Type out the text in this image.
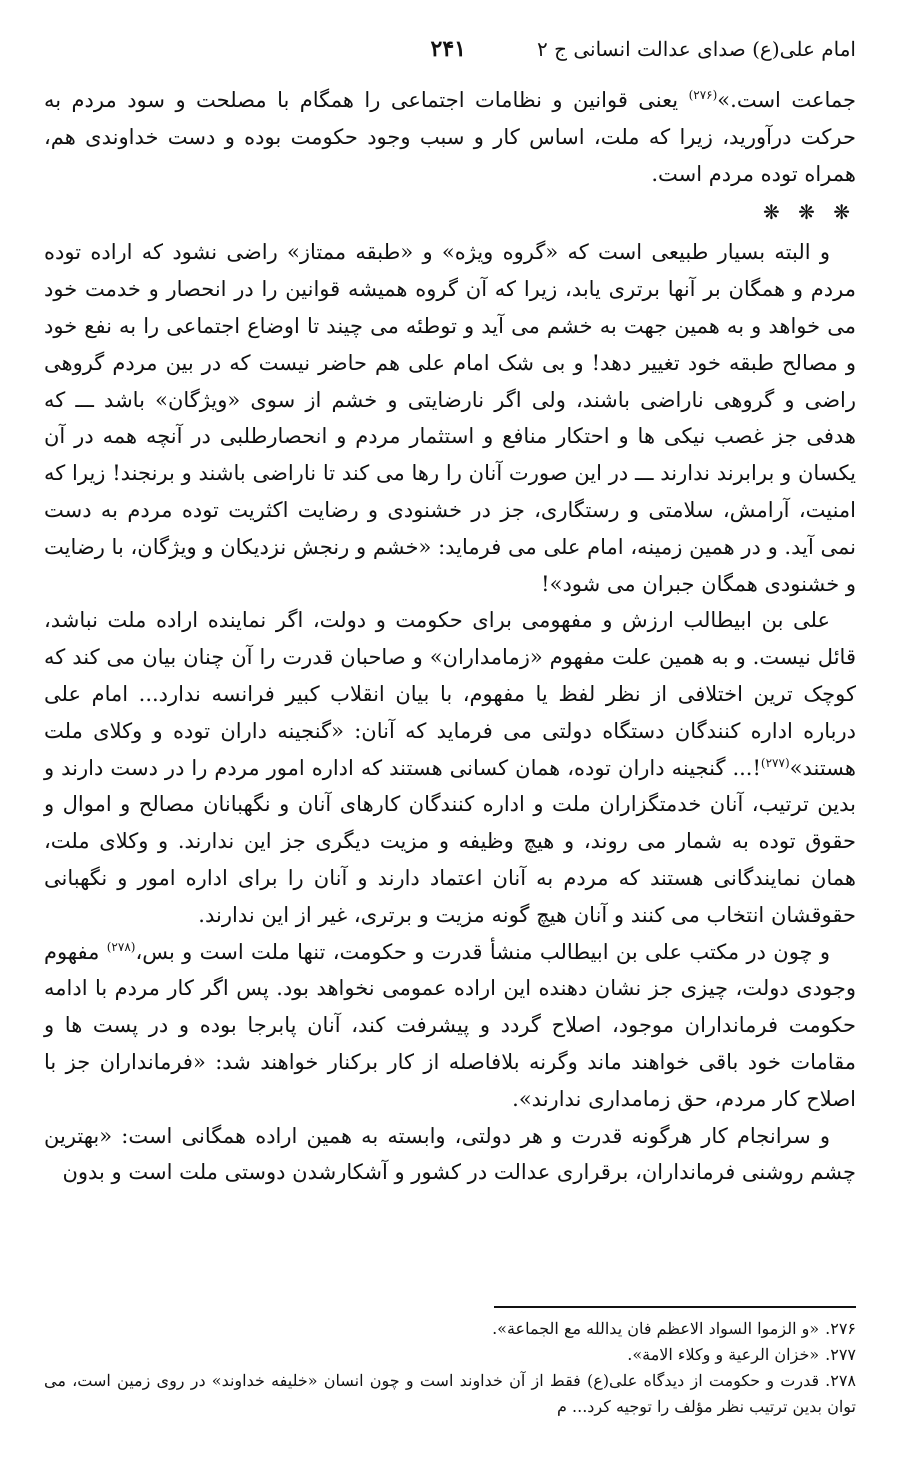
امام علی(ع) صدای عدالت انسانی ج ۲
۲۴۱

جماعت است.»$^{(۲۷۶)}$ یعنی قوانین و نظامات اجتماعی را همگام با مصلحت و سود مردم به حرکت درآورید، زیرا که ملت، اساس کار و سبب وجود حکومت بوده و دست خداوندی هم، همراه توده مردم است.

❋ ❋ ❋

و البته بسیار طبیعی است که «گروه ویژه» و «طبقه ممتاز» راضی نشود که اراده توده مردم و همگان بر آنها برتری یابد، زیرا که آن گروه همیشه قوانین را در انحصار و خدمت خود می خواهد و به همین جهت به خشم می آید و توطئه می چیند تا اوضاع اجتماعی را به نفع خود و مصالح طبقه خود تغییر دهد! و بی شک امام علی هم حاضر نیست که در بین مردم گروهی راضی و گروهی ناراضی باشند، ولی اگر نارضایتی و خشم از سوی «ویژگان» باشد ـــ که هدفی جز غصب نیکی ها و احتکار منافع و استثمار مردم و انحصارطلبی در آنچه همه در آن یکسان و برابرند ندارند ـــ در این صورت آنان را رها می کند تا ناراضی باشند و برنجند! زیرا که امنیت، آرامش، سلامتی و رستگاری، جز در خشنودی و رضایت اکثریت توده مردم به دست نمی آید. و در همین زمینه، امام علی می فرماید: «خشم و رنجش نزدیکان و ویژگان، با رضایت و خشنودی همگان جبران می شود»!

علی بن ابیطالب ارزش و مفهومی برای حکومت و دولت، اگر نماینده اراده ملت نباشد، قائل نیست. و به همین علت مفهوم «زمامداران» و صاحبان قدرت را آن چنان بیان می کند که کوچک ترین اختلافی از نظر لفظ یا مفهوم، با بیان انقلاب کبیر فرانسه ندارد... امام علی درباره اداره کنندگان دستگاه دولتی می فرماید که آنان: «گنجینه داران توده و وکلای ملت هستند»$^{(۲۷۷)}$!... گنجینه داران توده، همان کسانی هستند که اداره امور مردم را در دست دارند و بدین ترتیب، آنان خدمتگزاران ملت و اداره کنندگان کارهای آنان و نگهبانان مصالح و اموال و حقوق توده به شمار می روند، و هیچ وظیفه و مزیت دیگری جز این ندارند. و وکلای ملت، همان نمایندگانی هستند که مردم به آنان اعتماد دارند و آنان را برای اداره امور و نگهبانی حقوقشان انتخاب می کنند و آنان هیچ گونه مزیت و برتری، غیر از این ندارند.

و چون در مکتب علی بن ابیطالب منشأ قدرت و حکومت، تنها ملت است و بس،$^{(۲۷۸)}$ مفهوم وجودی دولت، چیزی جز نشان دهنده این اراده عمومی نخواهد بود. پس اگر کار مردم با ادامه حکومت فرمانداران موجود، اصلاح گردد و پیشرفت کند، آنان پابرجا بوده و در پست ها و مقامات خود باقی خواهند ماند وگرنه بلافاصله از کار برکنار خواهند شد: «فرمانداران جز با اصلاح کار مردم، حق زمامداری ندارند».

و سرانجام کار هرگونه قدرت و هر دولتی، وابسته به همین اراده همگانی است: «بهترین چشم روشنی فرمانداران، برقراری عدالت در کشور و آشکارشدن دوستی ملت است و بدون

۲۷۶.«و الزموا السواد الاعظم فان یدالله مع الجماعة».

۲۷۷.«خزان الرعیة و وکلاء الامة».

۲۷۸.قدرت و حکومت از دیدگاه علی(ع) فقط از آن خداوند است و چون انسان «خلیفه خداوند» در روی زمین است، می توان بدین ترتیب نظر مؤلف را توجیه کرد... م
